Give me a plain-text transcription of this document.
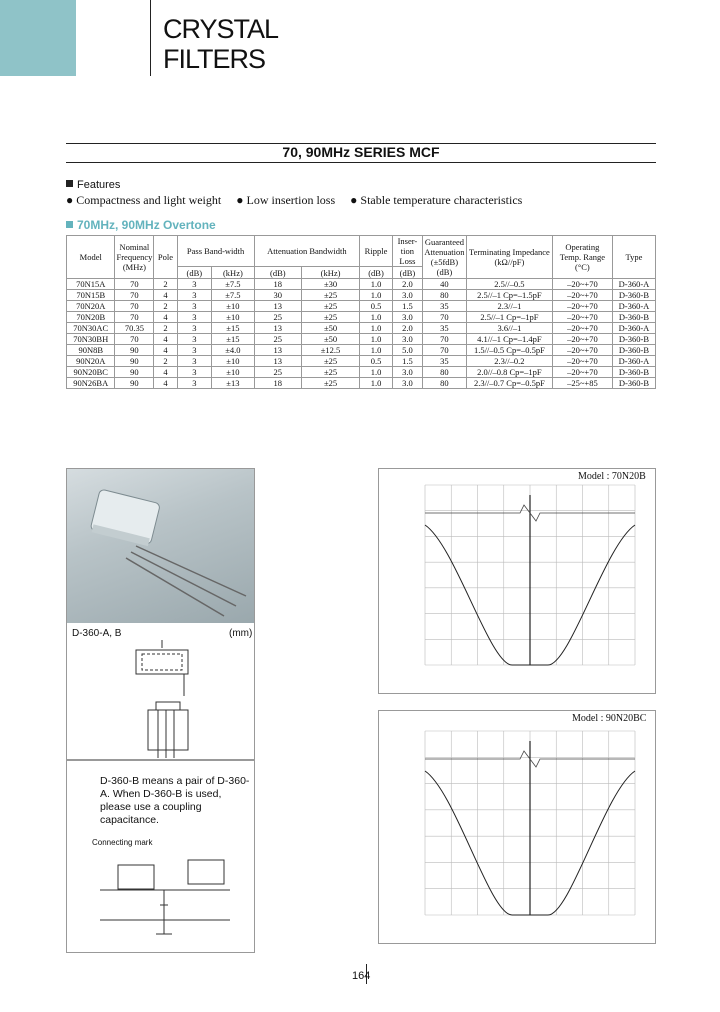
CRYSTAL
FILTERS
70, 90MHz SERIES MCF
Features
● Compactness and light weight ● Low insertion loss ● Stable temperature characteristics
70MHz, 90MHz Overtone
Model	Nominal Frequency (MHz)	Pole	Pass Band-width		Attenuation Bandwidth		Ripple	Inser-tion Loss	Guaranteed Attenuation (±5fdB) (dB)	Terminating Impedance (kΩ//pF)	Operating Temp. Range (°C)	Type
			(dB)	(kHz)	(dB)	(kHz)	(dB)	(dB)				
70N15A	70	2	3	±7.5	18	±30	1.0	2.0	40	2.5//–0.5	–20~+70	D-360-A
70N15B	70	4	3	±7.5	30	±25	1.0	3.0	80	2.5//–1 Cp=–1.5pF	–20~+70	D-360-B
70N20A	70	2	3	±10	13	±25	0.5	1.5	35	2.3//–1	–20~+70	D-360-A
70N20B	70	4	3	±10	25	±25	1.0	3.0	70	2.5//–1 Cp=–1pF	–20~+70	D-360-B
70N30AC	70.35	2	3	±15	13	±50	1.0	2.0	35	3.6//–1	–20~+70	D-360-A
70N30BH	70	4	3	±15	25	±50	1.0	3.0	70	4.1//–1 Cp=–1.4pF	–20~+70	D-360-B
90N8B	90	4	3	±4.0	13	±12.5	1.0	5.0	70	1.5//–0.5 Cp=–0.5pF	–20~+70	D-360-B
90N20A	90	2	3	±10	13	±25	0.5	1.5	35	2.3//–0.2	–20~+70	D-360-A
90N20BC	90	4	3	±10	25	±25	1.0	3.0	80	2.0//–0.8 Cp=–1pF	–20~+70	D-360-B
90N26BA	90	4	3	±13	18	±25	1.0	3.0	80	2.3//–0.7 Cp=–0.5pF	–25~+85	D-360-B
D-360-A, B	(mm)
D-360-B means a pair of D-360-A. When D-360-B is used, please use a coupling capacitance.
Connecting mark
Model : 70N20B
Model : 90N20BC
164
